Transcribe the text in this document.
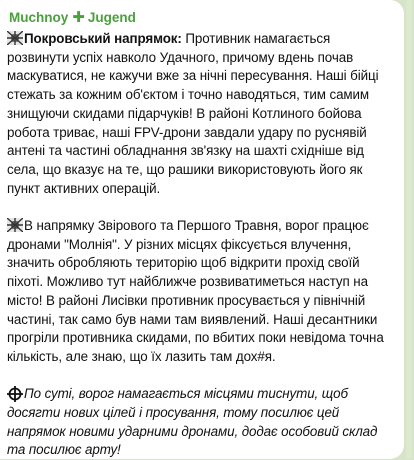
Muchnoy ✚ Jugend

Покровський напрямок: Противник намагається розвинути успіх навколо Удачного, причому вдень почав маскуватися, не кажучи вже за нічні пересування. Наші бійці стежать за кожним об'єктом і точно наводяться, тим самим знищуючи скидами підарчуків! В районі Котлиного бойова робота триває, наші FPV-дрони завдали удару по руснявій антені та частині обладнання зв'язку на шахті східніше від села, що вказує на те, що рашики використовують його як пункт активних операцій.

В напрямку Звірового та Першого Травня, ворог працює дронами "Молнія". У різних місцях фіксується влучення, значить обробляють територію щоб відкрити прохід своїй піхоті. Можливо тут найближче розвиватиметься наступ на місто! В районі Лисівки противник просувається у північній частині, так само був нами там виявлений. Наші десантники прогріли противника скидами, по вбитих поки невідома точна кількість, але знаю, що їх лазить там дох#я.

По суті, ворог намагається місцями тиснути, щоб досягти нових цілей і просування, тому посилює цей напрямок новими ударними дронами, додає особовий склад та посилює арту!
